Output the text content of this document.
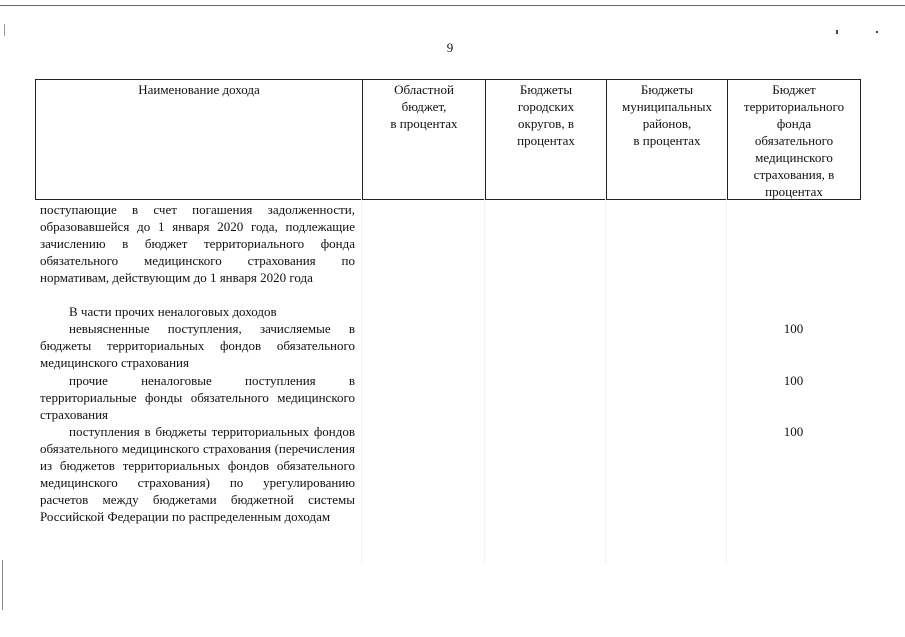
9
Наименование дохода	Областной
бюджет,
в процентах
Бюджеты
городских
округов, в
процентах
Бюджеты
муниципальных
районов,
в процентах
Бюджет
территориального
фонда
обязательного
медицинского
страхования, в
процентах
поступающие в счет погашения задолженности, образовавшейся до 1 января 2020 года, подлежащие зачислению в бюджет территориального фонда обязательного медицинского страхования по нормативам, действующим до 1 января 2020 года
В части прочих неналоговых доходов
невыясненные поступления, зачисляемые в бюджеты территориальных фондов обязательного медицинского страхования
100
прочие неналоговые поступления в территориальные фонды обязательного медицинского страхования
100
поступления в бюджеты территориальных фондов обязательного медицинского страхования (перечисления из бюджетов территориальных фондов обязательного медицинского страхования) по урегулированию расчетов между бюджетами бюджетной системы Российской Федерации по распределенным доходам
100
